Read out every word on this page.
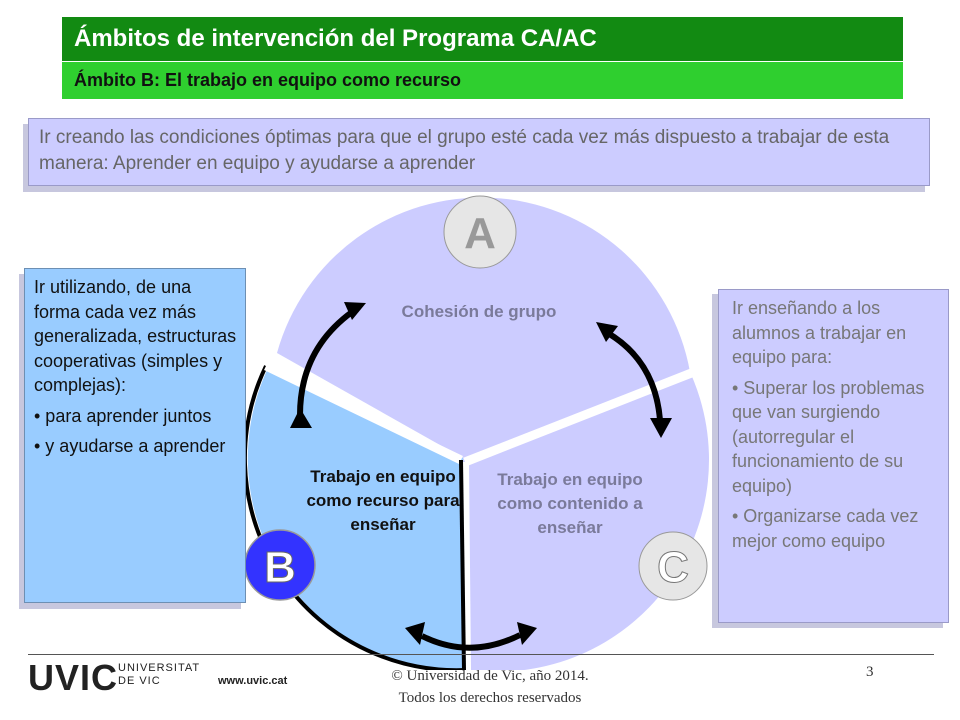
Ámbitos de intervención del Programa CA/AC
Ámbito B: El trabajo en equipo como recurso
Ir creando las condiciones óptimas para que el grupo esté cada vez más dispuesto a trabajar de esta manera: Aprender en equipo y ayudarse a aprender
A
B	C
Cohesión de grupo
Trabajo en equipo como recurso para enseñar
Trabajo en equipo como contenido a enseñar

Ir utilizando, de una forma cada vez más generalizada, estructuras cooperativas (simples y complejas):

• para aprender juntos

• y ayudarse a aprender

Ir enseñando a los alumnos a trabajar en equipo para:

• Superar los problemas que van surgiendo (autorregular el funcionamiento de su equipo)

• Organizarse cada vez mejor como equipo

UVIC UNIVERSITAT
DE VIC	www.uvic.cat	© Universidad de Vic, año 2014.
Todos los derechos reservados
3
